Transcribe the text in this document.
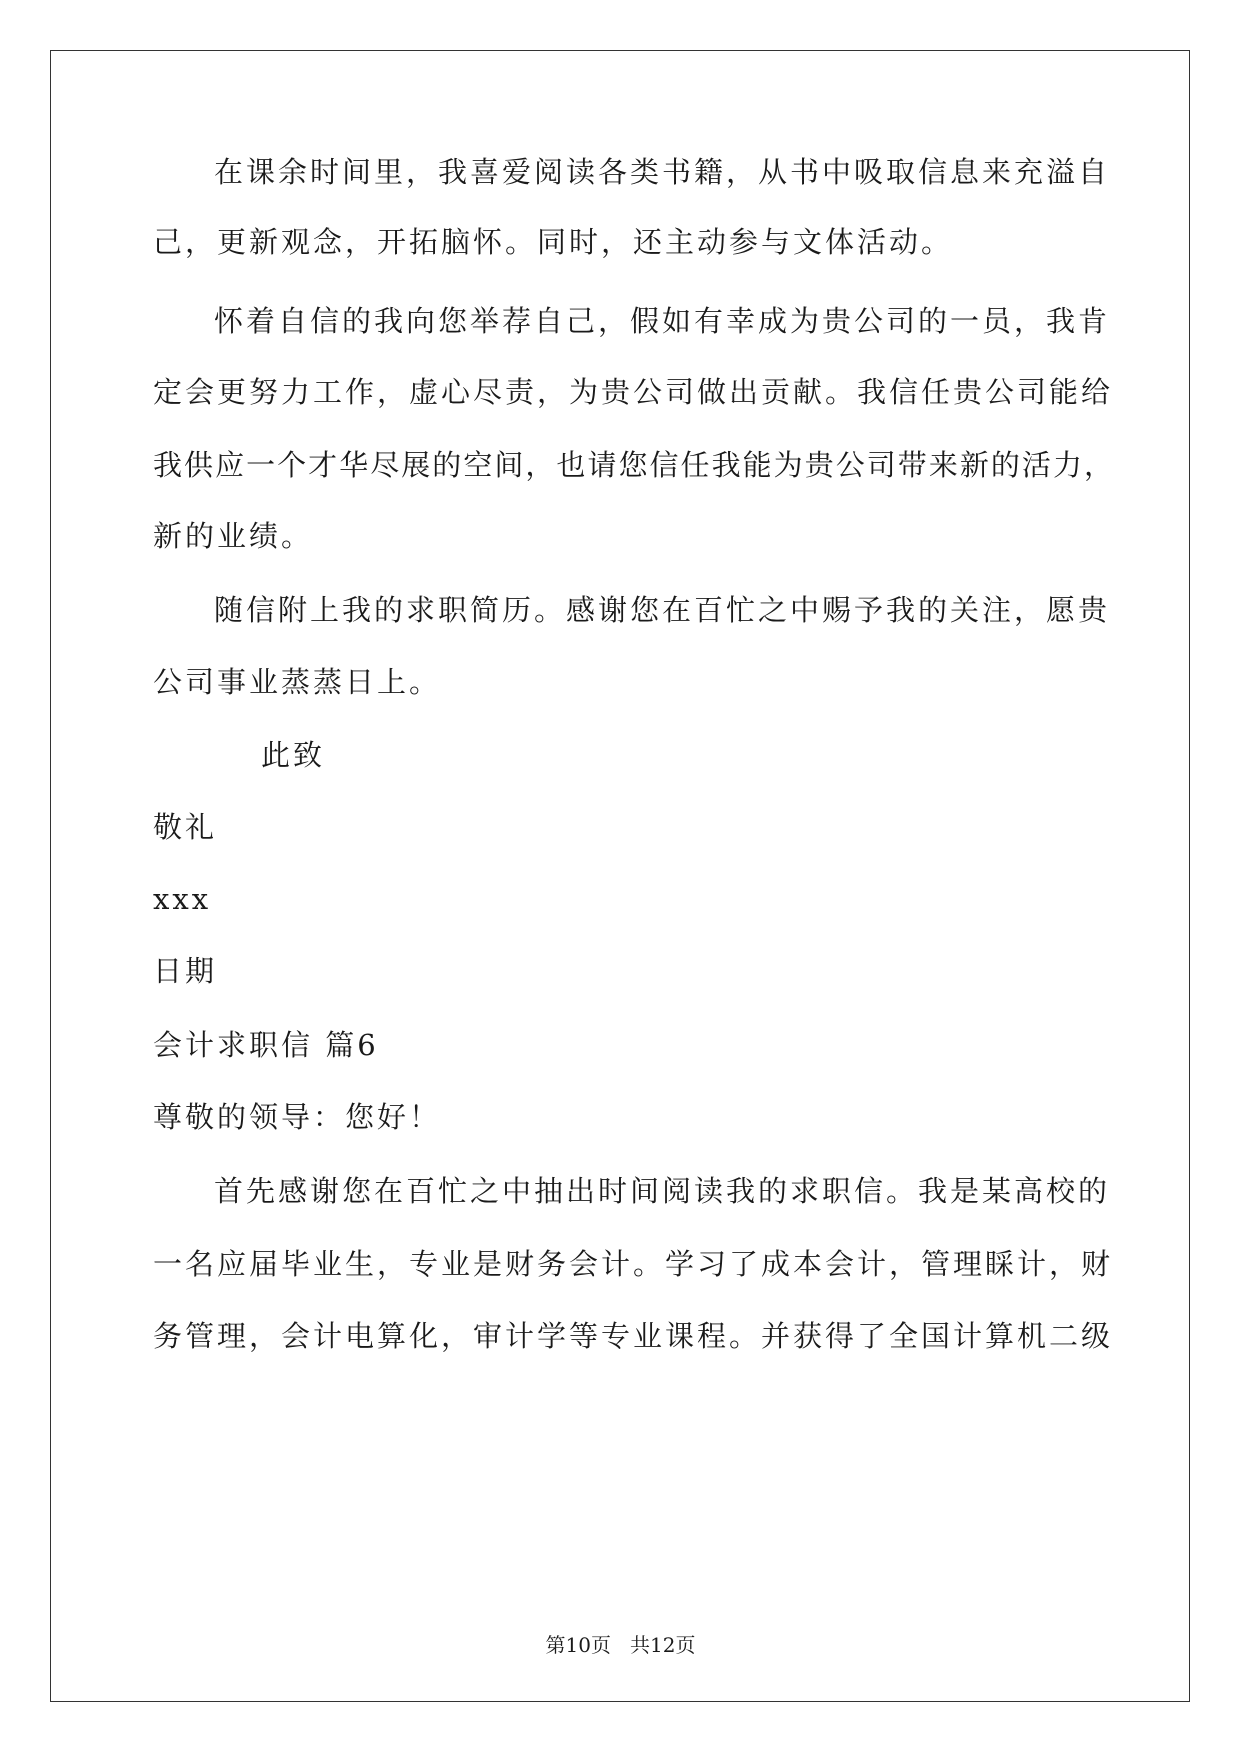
在课余时间里，我喜爱阅读各类书籍，从书中吸取信息来充溢自
己，更新观念，开拓脑怀。同时，还主动参与文体活动。
怀着自信的我向您举荐自己，假如有幸成为贵公司的一员，我肯
定会更努力工作，虚心尽责，为贵公司做出贡献。我信任贵公司能给
我供应一个才华尽展的空间，也请您信任我能为贵公司带来新的活力，
新的业绩。
随信附上我的求职简历。感谢您在百忙之中赐予我的关注，愿贵
公司事业蒸蒸日上。
此致
敬礼
xxx
日期
会计求职信 篇6
尊敬的领导：您好！
首先感谢您在百忙之中抽出时间阅读我的求职信。我是某高校的
一名应届毕业生，专业是财务会计。学习了成本会计，管理睬计，财
务管理，会计电算化，审计学等专业课程。并获得了全国计算机二级
第10页   共12页
